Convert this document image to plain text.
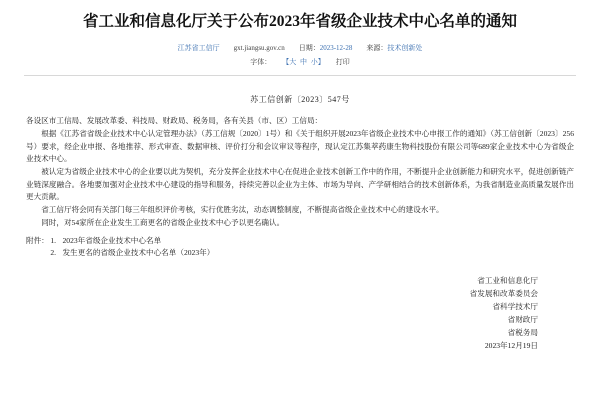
省工业和信息化厅关于公布2023年省级企业技术中心名单的通知
江苏省工信厅 gxt.jiangsu.gov.cn 日期：2023-12-28 来源：技术创新处
字体： 【大 中 小】 打印
苏工信创新〔2023〕547号
各设区市工信局、发展改革委、科技局、财政局、税务局，各有关县（市、区）工信局：

根据《江苏省省级企业技术中心认定管理办法》（苏工信规〔2020〕1号）和《关于组织开展2023年省级企业技术中心申报工作的通知》（苏工信创新〔2023〕256号）要求，经企业申报、各地推荐、形式审查、数据审核、评价打分和会议审议等程序，现认定江苏集萃药康生物科技股份有限公司等689家企业技术中心为省级企业技术中心。

被认定为省级企业技术中心的企业要以此为契机，充分发挥企业技术中心在促进企业技术创新工作中的作用，不断提升企业创新能力和研究水平，促进创新链产业链深度融合。各地要加强对企业技术中心建设的指导和服务，持续完善以企业为主体、市场为导向、产学研相结合的技术创新体系，为我省制造业高质量发展作出更大贡献。

省工信厅将会同有关部门每三年组织评价考核，实行优胜劣汰，动态调整制度，不断提高省级企业技术中心的建设水平。

同时，对54家所在企业发生工商更名的省级企业技术中心予以更名确认。

附件： 1. 2023年省级企业技术中心名单
2. 发生更名的省级企业技术中心名单（2023年）
省工业和信息化厅
省发展和改革委员会
省科学技术厅
省财政厅
省税务局
2023年12月19日
